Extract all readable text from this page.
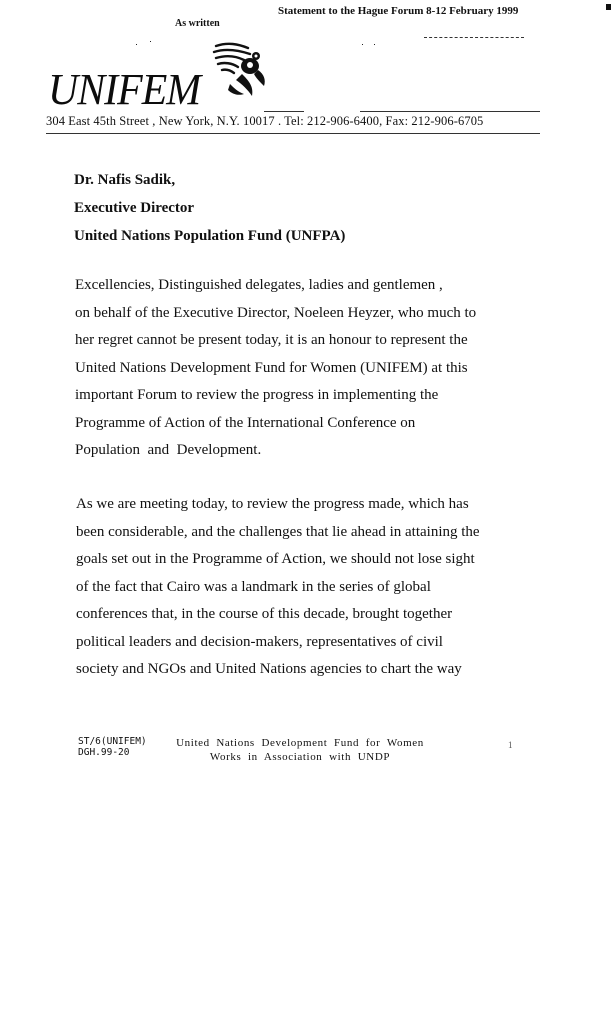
Statement to the Hague Forum 8-12 February 1999
As written
UNIFEM
304 East 45th Street , New York, N.Y. 10017 . Tel: 212-906-6400, Fax: 212-906-6705
Dr. Nafis Sadik,
Executive Director
United Nations Population Fund (UNFPA)
Excellencies, Distinguished delegates, ladies and gentlemen ,
on behalf of the Executive Director, Noeleen Heyzer, who much to
her regret cannot be present today, it is an honour to represent the
United Nations Development Fund for Women (UNIFEM) at this
important Forum to review the progress in implementing the
Programme of Action of the International Conference on
Population  and  Development.
As we are meeting today, to review the progress made, which has
been considerable, and the challenges that lie ahead in attaining the
goals set out in the Programme of Action, we should not lose sight
of the fact that Cairo was a landmark in the series of global
conferences that, in the course of this decade, brought together
political leaders and decision-makers, representatives of civil
society and NGOs and United Nations agencies to chart the way
ST/6(UNIFEM)
DGH.99-20
United  Nations  Development  Fund  for  Women
Works  in  Association  with  UNDP
1
